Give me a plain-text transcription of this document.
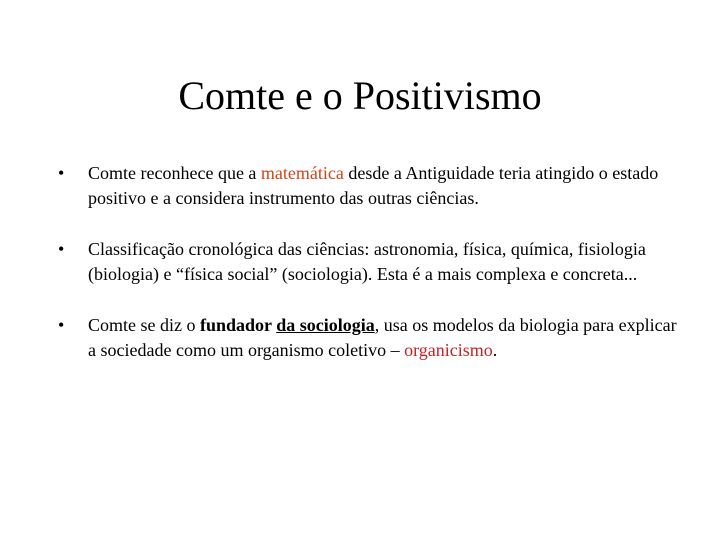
Comte e o Positivismo
• Comte reconhece que a matemática desde a Antiguidade teria atingido o estado positivo e a considera instrumento das outras ciências.
• Classificação cronológica das ciências: astronomia, física, química, fisiologia (biologia) e “física social” (sociologia). Esta é a mais complexa e concreta...
• Comte se diz o fundador da sociologia, usa os modelos da biologia para explicar a sociedade como um organismo coletivo – organicismo.
